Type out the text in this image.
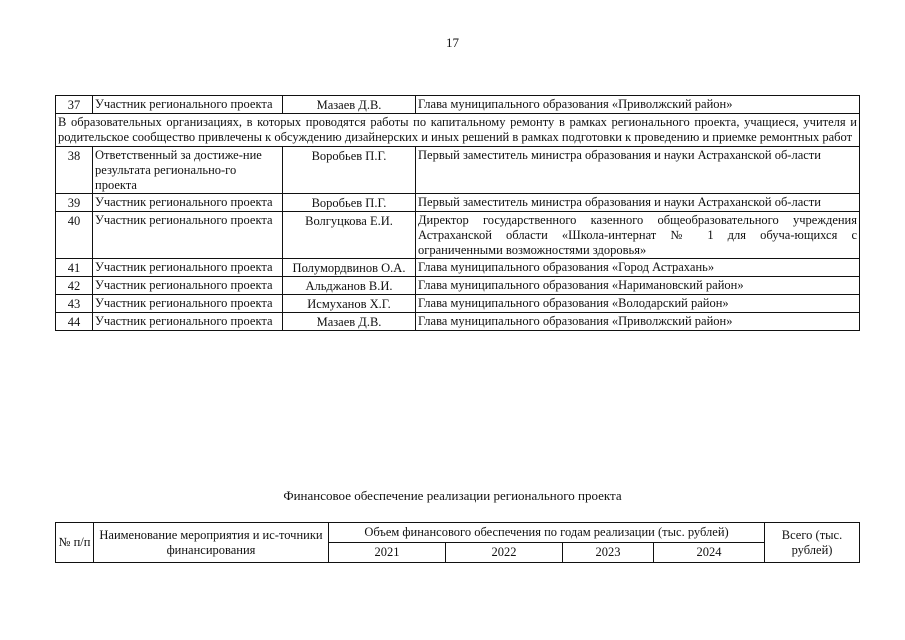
17
37	Участник регионального проекта	Мазаев Д.В.	Глава муниципального образования «Приволжский район»
В образовательных организациях, в которых проводятся работы по капитальному ремонту в рамках регионального проекта, учащиеся, учителя и родительское сообщество привлечены к обсуждению дизайнерских и иных решений в рамках подготовки к проведению и приемке ремонтных работ			
38	Ответственный за достиже-ние результата регионально-го проекта	Воробьев П.Г.	Первый заместитель министра образования и науки Астраханской об-ласти
39	Участник регионального проекта	Воробьев П.Г.	Первый заместитель министра образования и науки Астраханской об-ласти
40	Участник регионального проекта	Волгуцкова Е.И.	Директор государственного казенного общеобразовательного учреждения Астраханской области «Школа-интернат № 1 для обуча-ющихся с ограниченными возможностями здоровья»
41	Участник регионального проекта	Полумордвинов О.А.	Глава муниципального образования «Город Астрахань»
42	Участник регионального проекта	Альджанов В.И.	Глава муниципального образования «Наримановский район»
43	Участник регионального проекта	Исмуханов Х.Г.	Глава муниципального образования «Володарский район»
44	Участник регионального проекта	Мазаев Д.В.	Глава муниципального образования «Приволжский район»
Финансовое обеспечение реализации регионального проекта
№ п/п	Наименование мероприятия и ис-точники финансирования	Объем финансового обеспечения по годам реализации (тыс. рублей)				Всего (тыс. рублей)
		2021	2022	2023	2024	
